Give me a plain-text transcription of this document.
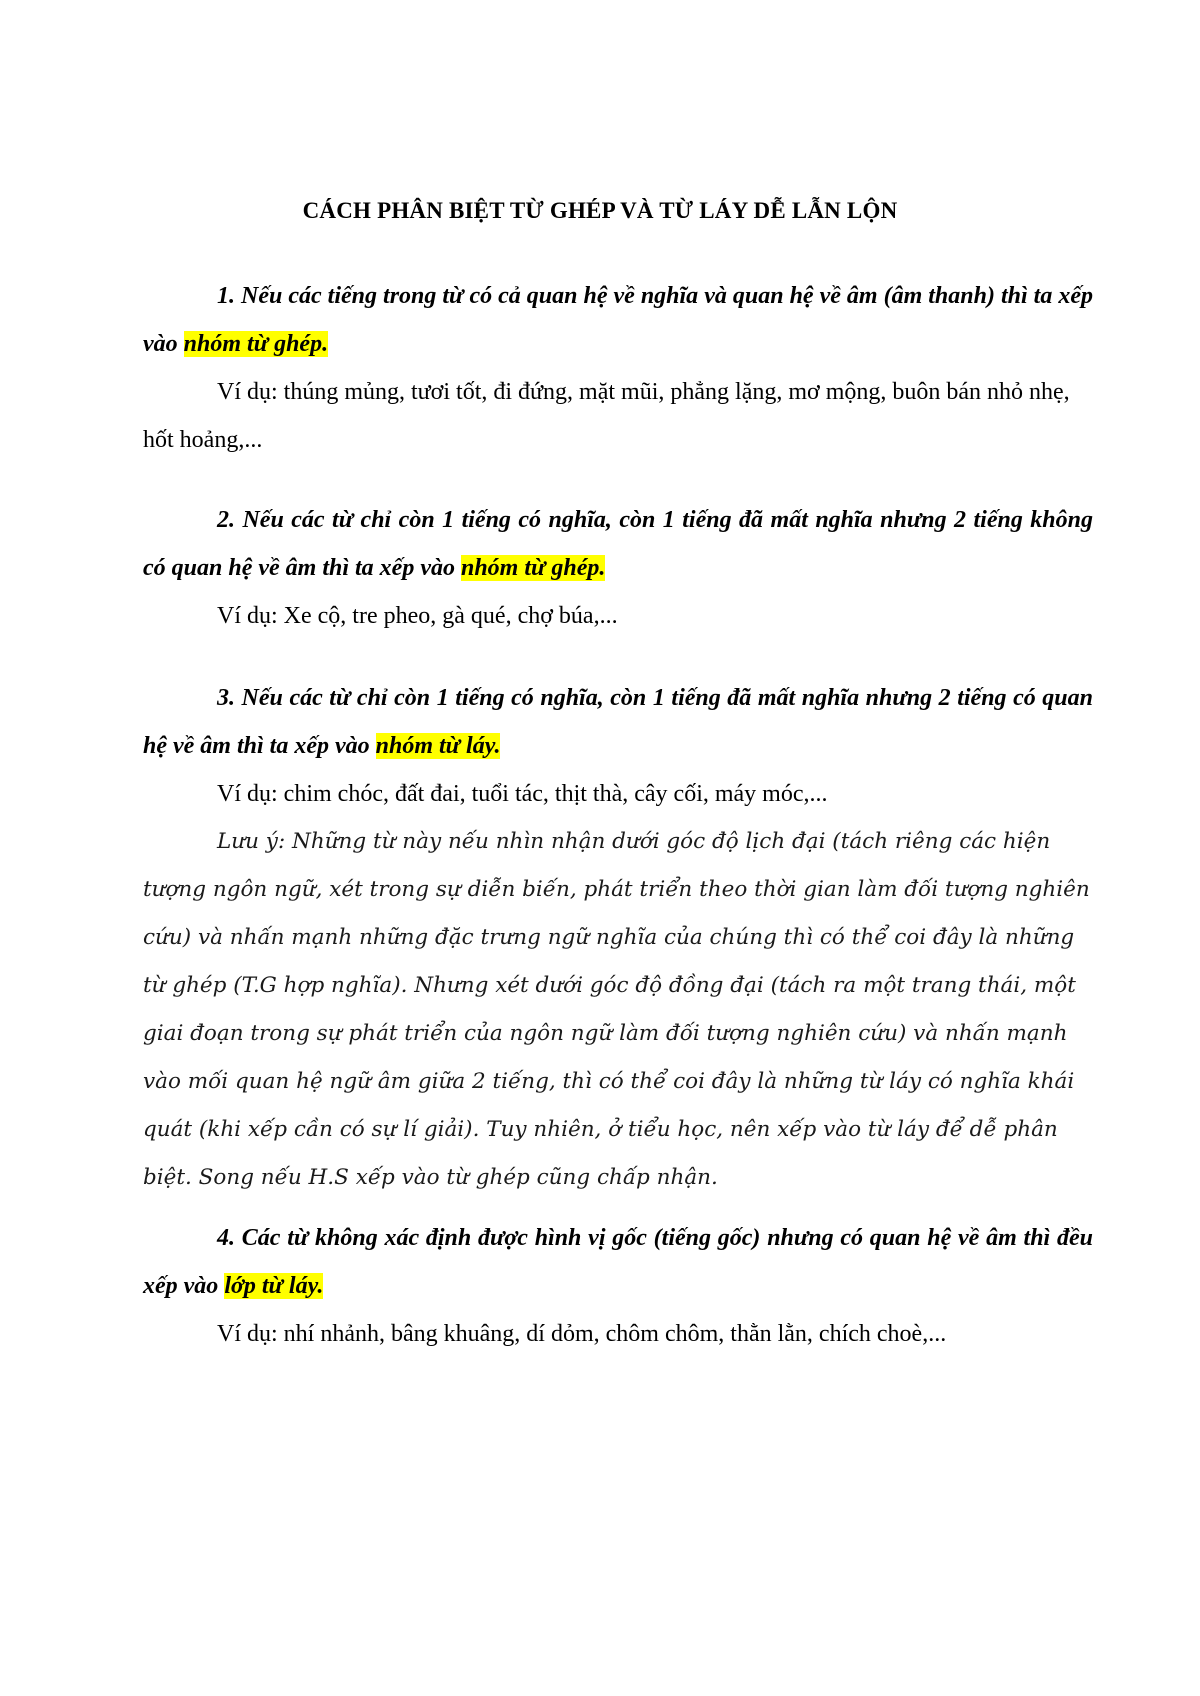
CÁCH PHÂN BIỆT TỪ GHÉP VÀ TỪ LÁY DỄ LẪN LỘN
1. Nếu các tiếng trong từ có cả quan hệ về nghĩa và quan hệ về âm (âm thanh) thì ta xếp vào nhóm từ ghép.
Ví dụ: thúng mủng, tươi tốt, đi đứng, mặt mũi, phẳng lặng, mơ mộng, buôn bán nhỏ nhẹ, hốt hoảng,...
2. Nếu các từ chỉ còn 1 tiếng có nghĩa, còn 1 tiếng đã mất nghĩa nhưng 2 tiếng không có quan hệ về âm thì ta xếp vào nhóm từ ghép.
Ví dụ: Xe cộ, tre pheo, gà qué, chợ búa,...
3. Nếu các từ chỉ còn 1 tiếng có nghĩa, còn 1 tiếng đã mất nghĩa nhưng 2 tiếng có quan hệ về âm thì ta xếp vào nhóm từ láy.
Ví dụ: chim chóc, đất đai, tuổi tác, thịt thà, cây cối, máy móc,...
Lưu ý: Những từ này nếu nhìn nhận dưới góc độ lịch đại (tách riêng các hiện tượng ngôn ngữ, xét trong sự diễn biến, phát triển theo thời gian làm đối tượng nghiên cứu) và nhấn mạnh những đặc trưng ngữ nghĩa của chúng thì có thể coi đây là những từ ghép (T.G hợp nghĩa). Nhưng xét dưới góc độ đồng đại (tách ra một trang thái, một giai đoạn trong sự phát triển của ngôn ngữ làm đối tượng nghiên cứu) và nhấn mạnh vào mối quan hệ ngữ âm giữa 2 tiếng, thì có thể coi đây là những từ láy có nghĩa khái quát (khi xếp cần có sự lí giải). Tuy nhiên, ở tiểu học, nên xếp vào từ láy để dễ phân biệt. Song nếu H.S xếp vào từ ghép cũng chấp nhận.
4. Các từ không xác định được hình vị gốc (tiếng gốc) nhưng có quan hệ về âm thì đều xếp vào lớp từ láy.
Ví dụ: nhí nhảnh, bâng khuâng, dí dỏm, chôm chôm, thằn lằn, chích choè,...
